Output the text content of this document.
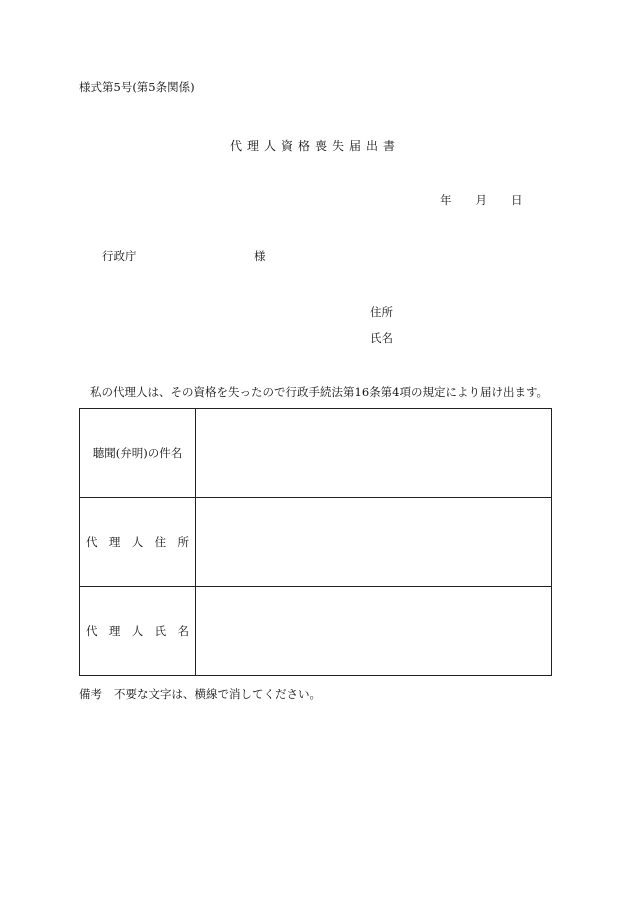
様式第5号(第5条関係)
代理人資格喪失届出書
年 月 日
行政庁	様
住所
氏名
私の代理人は、その資格を失ったので行政手続法第16条第4項の規定により届け出ます。
聴聞(弁明)の件名	
代理人住所	
代理人氏名	
備考 不要な文字は、横線で消してください。
